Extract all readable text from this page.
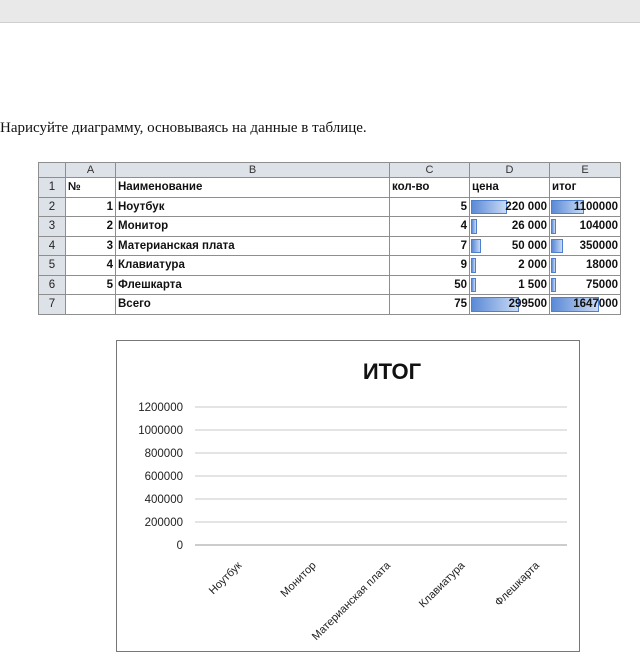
Нарисуйте диаграмму, основываясь на данные в таблице.
	A	B	C	D	E
1	№	Наименование	кол-во	цена	итог
2	1	Ноутбук	5	220 000	1100000
3	2	Монитор	4	26 000	104000
4	3	Материанская плата	7	50 000	350000
5	4	Клавиатура	9	2 000	18000
6	5	Флешкарта	50	1 500	75000
7		Всего	75	299500	1647000
1200000
1000000
800000
600000
400000
200000
0
Ноутбук	Монитор
Материанская плата Клавиатура Флешкарта
ИТОГ
